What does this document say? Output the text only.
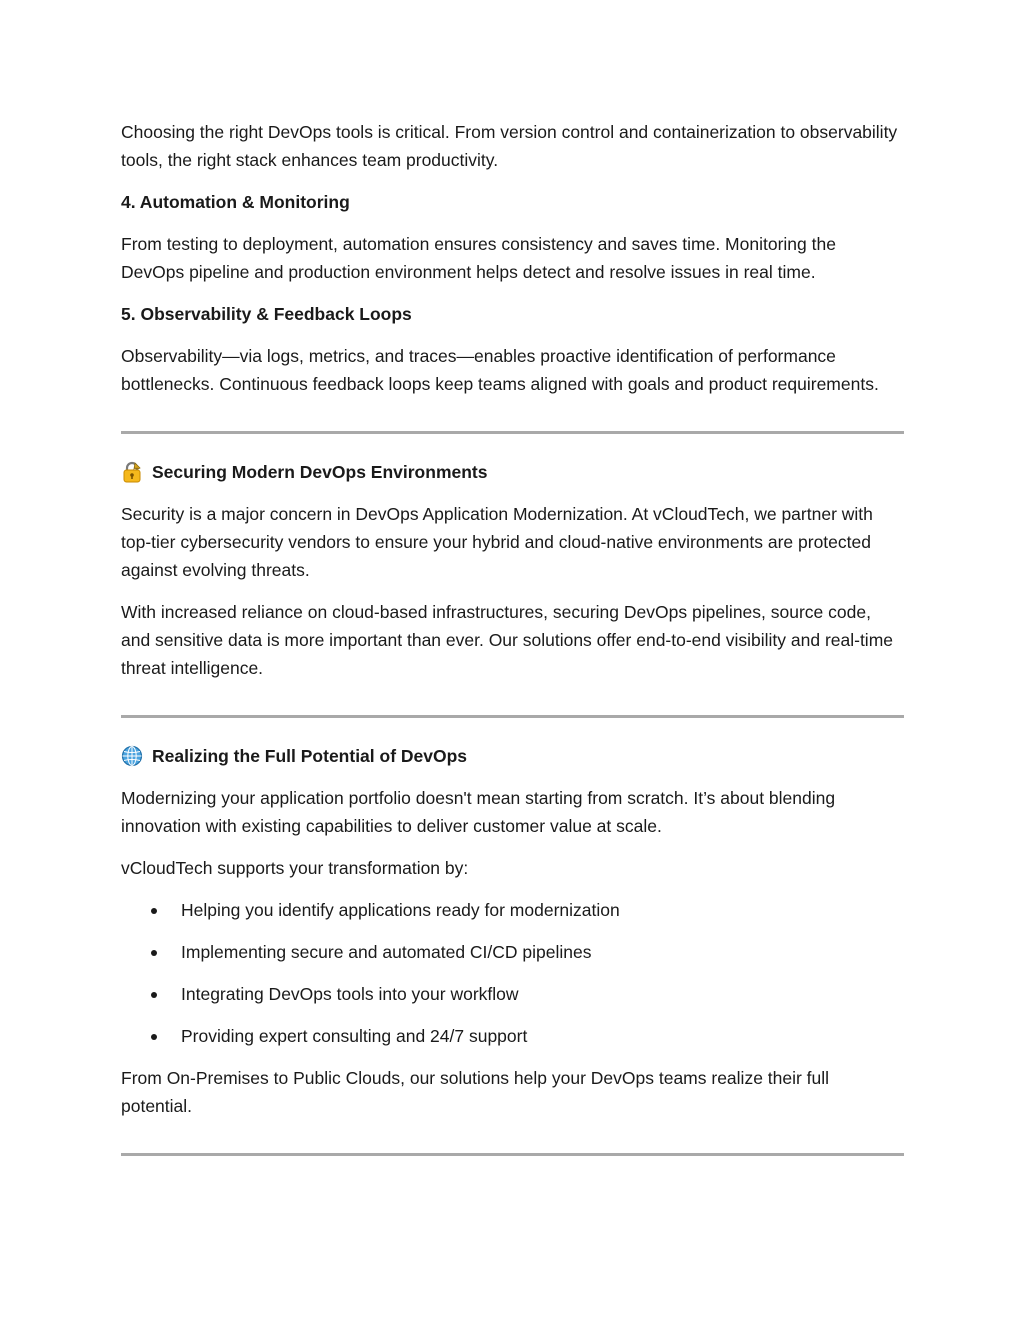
Choosing the right DevOps tools is critical. From version control and containerization to observability tools, the right stack enhances team productivity.

4. Automation & Monitoring

From testing to deployment, automation ensures consistency and saves time. Monitoring the DevOps pipeline and production environment helps detect and resolve issues in real time.

5. Observability & Feedback Loops

Observability—via logs, metrics, and traces—enables proactive identification of performance bottlenecks. Continuous feedback loops keep teams aligned with goals and product requirements.

Securing Modern DevOps Environments

Security is a major concern in DevOps Application Modernization. At vCloudTech, we partner with top-tier cybersecurity vendors to ensure your hybrid and cloud-native environments are protected against evolving threats.

With increased reliance on cloud-based infrastructures, securing DevOps pipelines, source code, and sensitive data is more important than ever. Our solutions offer end-to-end visibility and real-time threat intelligence.

Realizing the Full Potential of DevOps

Modernizing your application portfolio doesn't mean starting from scratch. It’s about blending innovation with existing capabilities to deliver customer value at scale.

vCloudTech supports your transformation by:

Helping you identify applications ready for modernization
Implementing secure and automated CI/CD pipelines
Integrating DevOps tools into your workflow
Providing expert consulting and 24/7 support

From On-Premises to Public Clouds, our solutions help your DevOps teams realize their full potential.
